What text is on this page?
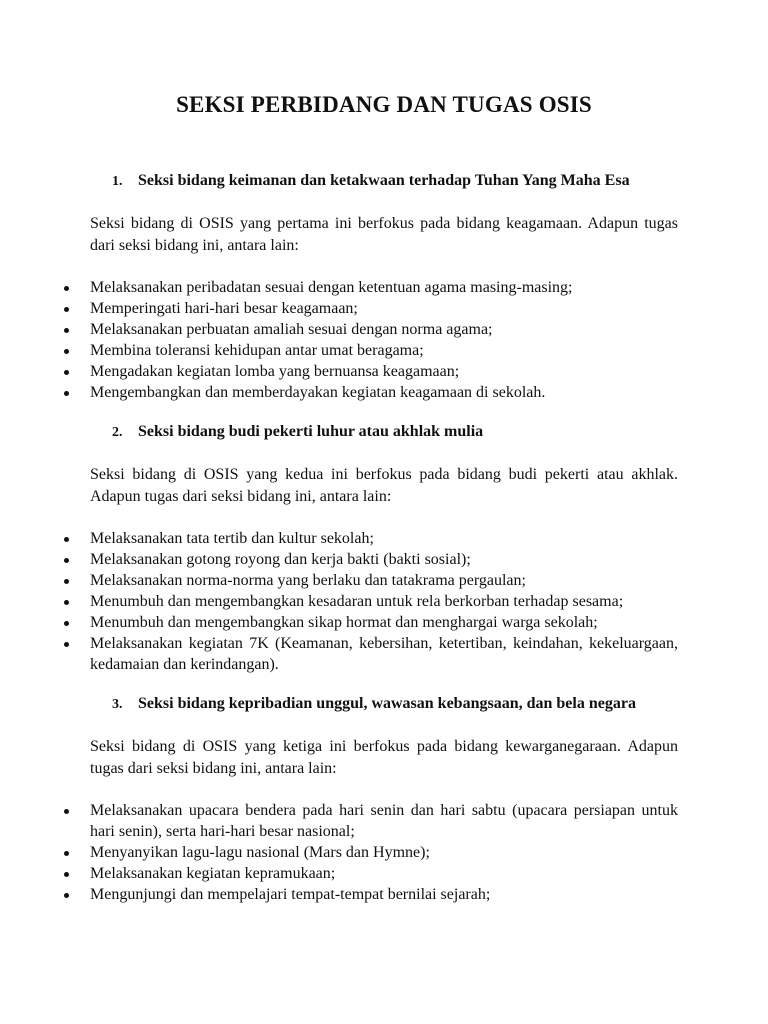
SEKSI PERBIDANG DAN TUGAS OSIS
1. Seksi bidang keimanan dan ketakwaan terhadap Tuhan Yang Maha Esa

Seksi bidang di OSIS yang pertama ini berfokus pada bidang keagamaan. Adapun tugas dari seksi bidang ini, antara lain:

Melaksanakan peribadatan sesuai dengan ketentuan agama masing-masing;
Memperingati hari-hari besar keagamaan;
Melaksanakan perbuatan amaliah sesuai dengan norma agama;
Membina toleransi kehidupan antar umat beragama;
Mengadakan kegiatan lomba yang bernuansa keagamaan;
Mengembangkan dan memberdayakan kegiatan keagamaan di sekolah.
2. Seksi bidang budi pekerti luhur atau akhlak mulia

Seksi bidang di OSIS yang kedua ini berfokus pada bidang budi pekerti atau akhlak. Adapun tugas dari seksi bidang ini, antara lain:

Melaksanakan tata tertib dan kultur sekolah;
Melaksanakan gotong royong dan kerja bakti (bakti sosial);
Melaksanakan norma-norma yang berlaku dan tatakrama pergaulan;
Menumbuh dan mengembangkan kesadaran untuk rela berkorban terhadap sesama;
Menumbuh dan mengembangkan sikap hormat dan menghargai warga sekolah;
Melaksanakan kegiatan 7K (Keamanan, kebersihan, ketertiban, keindahan, kekeluargaan, kedamaian dan kerindangan).
3. Seksi bidang kepribadian unggul, wawasan kebangsaan, dan bela negara

Seksi bidang di OSIS yang ketiga ini berfokus pada bidang kewarganegaraan. Adapun tugas dari seksi bidang ini, antara lain:

Melaksanakan upacara bendera pada hari senin dan hari sabtu (upacara persiapan untuk hari senin), serta hari-hari besar nasional;
Menyanyikan lagu-lagu nasional (Mars dan Hymne);
Melaksanakan kegiatan kepramukaan;
Mengunjungi dan mempelajari tempat-tempat bernilai sejarah;
